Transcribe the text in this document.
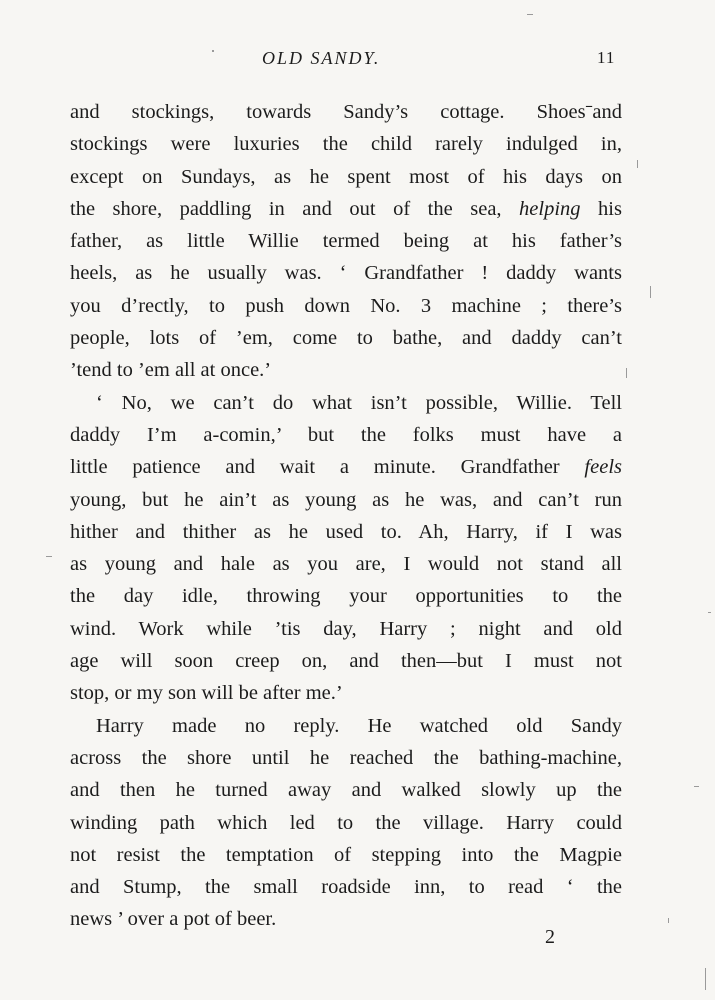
OLD SANDY.	11
and stockings, towards Sandy’s cottage. Shoesˉand
stockings were luxuries the child rarely indulged in,
except on Sundays, as he spent most of his days on
the shore, paddling in and out of the sea, helping his
father, as little Willie termed being at his father’s
heels, as he usually was. ‘ Grandfather ! daddy wants
you d’rectly, to push down No. 3 machine ; there’s
people, lots of ’em, come to bathe, and daddy can’t
’tend to ’em all at once.’
‘ No, we can’t do what isn’t possible, Willie. Tell
daddy I’m a-comin,’ but the folks must have a
little patience and wait a minute. Grandfather feels
young, but he ain’t as young as he was, and can’t run
hither and thither as he used to. Ah, Harry, if I was
as young and hale as you are, I would not stand all
the day idle, throwing your opportunities to the
wind. Work while ’tis day, Harry ; night and old
age will soon creep on, and then—but I must not
stop, or my son will be after me.’
Harry made no reply. He watched old Sandy
across the shore until he reached the bathing-machine,
and then he turned away and walked slowly up the
winding path which led to the village. Harry could
not resist the temptation of stepping into the Magpie
and Stump, the small roadside inn, to read ‘ the
news ’ over a pot of beer.
2
